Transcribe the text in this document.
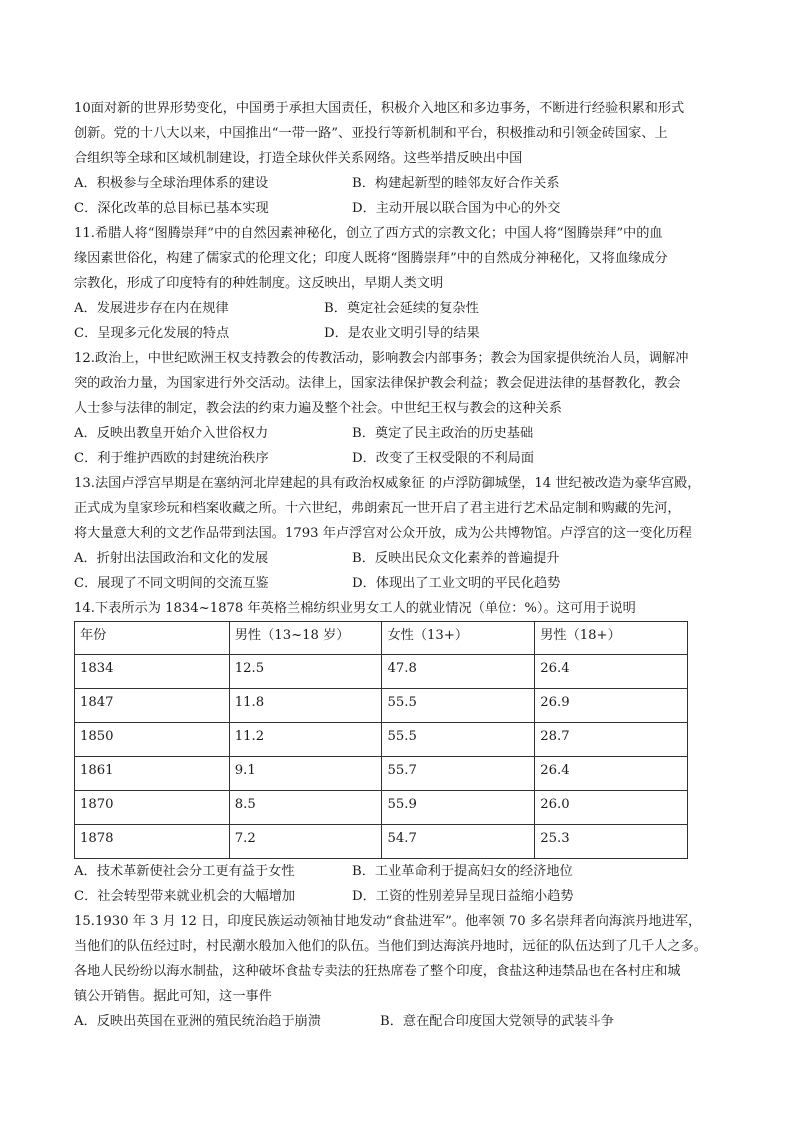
10面对新的世界形势变化，中国勇于承担大国责任，积极介入地区和多边事务，不断进行经验积累和形式

创新。党的十八大以来，中国推出“一带一路”、亚投行等新机制和平台，积极推动和引领金砖国家、上

合组织等全球和区域机制建设，打造全球伙伴关系网络。这些举措反映出中国

A．积极参与全球治理体系的建设	B．构建起新型的睦邻友好合作关系
C．深化改革的总目标已基本实现	D．主动开展以联合国为中心的外交

11.希腊人将“图腾崇拜”中的自然因素神秘化，创立了西方式的宗教文化；中国人将“图腾崇拜”中的血

缘因素世俗化，构建了儒家式的伦理文化；印度人既将“图腾崇拜”中的自然成分神秘化，又将血缘成分

宗教化，形成了印度特有的种姓制度。这反映出，早期人类文明

A．发展进步存在内在规律	B．奠定社会延续的复杂性
C．呈现多元化发展的特点	D．是农业文明引导的结果

12.政治上，中世纪欧洲王权支持教会的传教活动，影响教会内部事务；教会为国家提供统治人员，调解冲

突的政治力量，为国家进行外交活动。法律上，国家法律保护教会利益；教会促进法律的基督教化，教会

人士参与法律的制定，教会法的约束力遍及整个社会。中世纪王权与教会的这种关系

A．反映出教皇开始介入世俗权力	B．奠定了民主政治的历史基础
C．利于维护西欧的封建统治秩序	D．改变了王权受限的不利局面

13.法国卢浮宫早期是在塞纳河北岸建起的具有政治权威象征 的卢浮防御城堡，14 世纪被改造为豪华宫殿，

正式成为皇家珍玩和档案收藏之所。十六世纪，弗朗索瓦一世开启了君主进行艺术品定制和购藏的先河，

将大量意大利的文艺作品带到法国。1793 年卢浮宫对公众开放，成为公共博物馆。卢浮宫的这一变化历程

A．折射出法国政治和文化的发展	B．反映出民众文化素养的普遍提升
C．展现了不同文明间的交流互鉴	D．体现出了工业文明的平民化趋势

14.下表所示为 1834~1878 年英格兰棉纺织业男女工人的就业情况（单位：%）。这可用于说明

年份	男性（13~18 岁）	女性（13+）	男性（18+）
1834	12.5	47.8	26.4
1847	11.8	55.5	26.9
1850	11.2	55.5	28.7
1861	9.1	55.7	26.4
1870	8.5	55.9	26.0
1878	7.2	54.7	25.3
A．技术革新使社会分工更有益于女性	B．工业革命利于提高妇女的经济地位
C．社会转型带来就业机会的大幅增加	D．工资的性别差异呈现日益缩小趋势

15.1930 年 3 月 12 日，印度民族运动领袖甘地发动“食盐进军”。他率领 70 多名崇拜者向海滨丹地进军，

当他们的队伍经过时，村民潮水般加入他们的队伍。当他们到达海滨丹地时，远征的队伍达到了几千人之多。

各地人民纷纷以海水制盐，这种破坏食盐专卖法的狂热席卷了整个印度，食盐这种违禁品也在各村庄和城

镇公开销售。据此可知，这一事件

A．反映出英国在亚洲的殖民统治趋于崩溃	B．意在配合印度国大党领导的武装斗争
